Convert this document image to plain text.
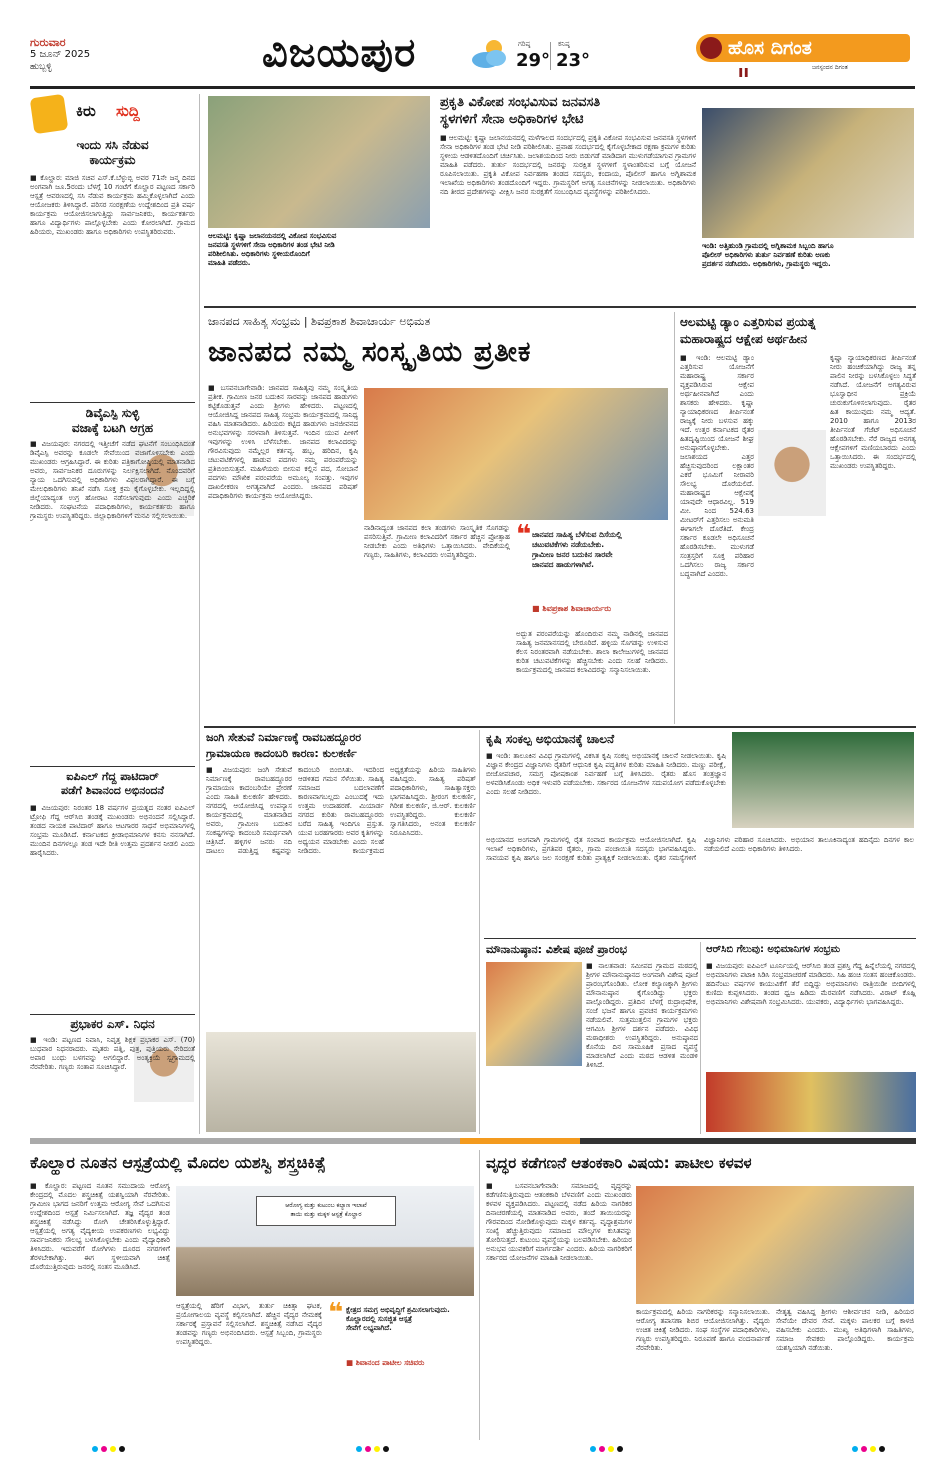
ಗುರುವಾರ
5 ಜೂನ್ 2025
ಹುಬ್ಬಳ್ಳಿ	ವಿಜಯಪುರ	ಗರಿಷ್ಠ
29°
ಕನಿಷ್ಠ
23°
ಹೊಸ ದಿಗಂತ
ಜನಸ್ಪಂದನ ದಿಗಂತ
ıı
ಕಿರು ಸುದ್ದಿ
ಇಂದು ಸಸಿ ನೆಡುವ
ಕಾರ್ಯಕ್ರಮ
■ ಕೊಲ್ಹಾರ: ಮಾಜಿ ಸಚಿವ ಎಸ್.ಕೆ.ಬೆಳ್ಳುಬ್ಬಿ ಅವರ 71ನೇ ಜನ್ಮ ದಿನದ ಅಂಗವಾಗಿ ಜೂ.5ರಂದು ಬೆಳಗ್ಗೆ 10 ಗಂಟೆಗೆ ಕೊಲ್ಹಾರ ಪಟ್ಟಣದ ಸರ್ಕಾರಿ ಆಸ್ಪತ್ರೆ ಆವರಣದಲ್ಲಿ ಸಸಿ ನೆಡುವ ಕಾರ್ಯಕ್ರಮ ಹಮ್ಮಿಕೊಳ್ಳಲಾಗಿದೆ ಎಂದು ಆಯೋಜಕರು ತಿಳಿಸಿದ್ದಾರೆ. ಪರಿಸರ ಸಂರಕ್ಷಣೆಯ ಉದ್ದೇಶದಿಂದ ಪ್ರತಿ ವರ್ಷ ಕಾರ್ಯಕ್ರಮ ಆಯೋಜಿಸಲಾಗುತ್ತಿದ್ದು ಸಾರ್ವಜನಿಕರು, ಕಾರ್ಯಕರ್ತರು ಹಾಗೂ ವಿದ್ಯಾರ್ಥಿಗಳು ಪಾಲ್ಗೊಳ್ಳಬೇಕು ಎಂದು ಕೋರಲಾಗಿದೆ. ಗ್ರಾಮದ ಹಿರಿಯರು, ಮುಖಂಡರು ಹಾಗೂ ಅಧಿಕಾರಿಗಳು ಉಪಸ್ಥಿತರಿರುವರು.
ಡಿವೈಎಸ್ಪಿ ಸುಳ್ಳಿ
ವಜಾಕ್ಕೆ ಬಟಗಿ ಆಗ್ರಹ
■ ವಿಜಯಪುರ: ನಗರದಲ್ಲಿ ಇತ್ತೀಚೆಗೆ ನಡೆದ ಘಟನೆಗೆ ಸಂಬಂಧಿಸಿದಂತೆ ಡಿವೈಎಸ್ಪಿ ಅವರನ್ನು ಕೂಡಲೇ ಸೇವೆಯಿಂದ ವಜಾಗೊಳಿಸಬೇಕು ಎಂದು ಮುಖಂಡರು ಆಗ್ರಹಿಸಿದ್ದಾರೆ. ಈ ಕುರಿತು ಪತ್ರಿಕಾಗೋಷ್ಠಿಯಲ್ಲಿ ಮಾತನಾಡಿದ ಅವರು, ಸಾರ್ವಜನಿಕರ ದೂರುಗಳನ್ನು ನಿರ್ಲಕ್ಷಿಸಲಾಗಿದೆ. ನೊಂದವರಿಗೆ ನ್ಯಾಯ ಒದಗಿಸುವಲ್ಲಿ ಅಧಿಕಾರಿಗಳು ವಿಫಲರಾಗಿದ್ದಾರೆ. ಈ ಬಗ್ಗೆ ಮೇಲಧಿಕಾರಿಗಳು ತನಿಖೆ ನಡೆಸಿ ಸೂಕ್ತ ಕ್ರಮ ಕೈಗೊಳ್ಳಬೇಕು. ಇಲ್ಲದಿದ್ದಲ್ಲಿ ಜಿಲ್ಲೆಯಾದ್ಯಂತ ಉಗ್ರ ಹೋರಾಟ ನಡೆಸಲಾಗುವುದು ಎಂದು ಎಚ್ಚರಿಕೆ ನೀಡಿದರು. ಸಂಘಟನೆಯ ಪದಾಧಿಕಾರಿಗಳು, ಕಾರ್ಯಕರ್ತರು ಹಾಗೂ ಗ್ರಾಮಸ್ಥರು ಉಪಸ್ಥಿತರಿದ್ದರು. ಜಿಲ್ಲಾಧಿಕಾರಿಗಳಿಗೆ ಮನವಿ ಸಲ್ಲಿಸಲಾಯಿತು.
ಐಪಿಎಲ್ ಗೆದ್ದ ಪಾಟಿದಾರ್
ಪಡೆಗೆ ಶಿವಾನಂದ ಅಭಿನಂದನೆ
■ ವಿಜಯಪುರ: ನಿರಂತರ 18 ವರ್ಷಗಳ ಪ್ರಯತ್ನದ ನಂತರ ಐಪಿಎಲ್ ಟ್ರೋಫಿ ಗೆದ್ದ ಆರ್‌ಸಿಬಿ ತಂಡಕ್ಕೆ ಮುಖಂಡರು ಅಭಿನಂದನೆ ಸಲ್ಲಿಸಿದ್ದಾರೆ. ತಂಡದ ನಾಯಕ ಪಾಟಿದಾರ್ ಹಾಗೂ ಆಟಗಾರರ ಸಾಧನೆ ಅಭಿಮಾನಿಗಳಲ್ಲಿ ಸಂಭ್ರಮ ಮೂಡಿಸಿದೆ. ಕರ್ನಾಟಕದ ಕ್ರೀಡಾಭಿಮಾನಿಗಳ ಕನಸು ನನಸಾಗಿದೆ. ಮುಂದಿನ ದಿನಗಳಲ್ಲೂ ತಂಡ ಇದೇ ರೀತಿ ಉತ್ತಮ ಪ್ರದರ್ಶನ ನೀಡಲಿ ಎಂದು ಹಾರೈಸಿದರು.
ಪ್ರಭಾಕರ ಎಸ್. ನಿಧನ
■ ಇಂಡಿ: ಪಟ್ಟಣದ ನಿವಾಸಿ, ನಿವೃತ್ತ ಶಿಕ್ಷಕ ಪ್ರಭಾಕರ ಎಸ್. (70) ಬುಧವಾರ ನಿಧನರಾದರು. ಮೃತರು ಪತ್ನಿ, ಪುತ್ರ, ಪುತ್ರಿಯರು ಸೇರಿದಂತೆ ಅಪಾರ ಬಂಧು ಬಳಗವನ್ನು ಅಗಲಿದ್ದಾರೆ. ಅಂತ್ಯಕ್ರಿಯೆ ಸ್ವಗ್ರಾಮದಲ್ಲಿ ನೆರವೇರಿತು. ಗಣ್ಯರು ಸಂತಾಪ ಸೂಚಿಸಿದ್ದಾರೆ.
ಆಲಮಟ್ಟಿ: ಕೃಷ್ಣಾ ಜಲಾನಯನದಲ್ಲಿ ವಿಕೋಪ ಸಂಭವಿಸುವ
ಜನವಸತಿ ಸ್ಥಳಗಳಿಗೆ ಸೇನಾ ಅಧಿಕಾರಿಗಳ ತಂಡ ಭೇಟಿ ನೀಡಿ
ಪರಿಶೀಲಿಸಿತು. ಅಧಿಕಾರಿಗಳು ಸ್ಥಳೀಯರೊಂದಿಗೆ
ಮಾಹಿತಿ ಪಡೆದರು.
ಪ್ರಕೃತಿ ವಿಕೋಪ ಸಂಭವಿಸುವ ಜನವಸತಿ
ಸ್ಥಳಗಳಿಗೆ ಸೇನಾ ಅಧಿಕಾರಿಗಳ ಭೇಟಿ
■ ಆಲಮಟ್ಟಿ: ಕೃಷ್ಣಾ ಜಲಾನಯನದಲ್ಲಿ ಮಳೆಗಾಲದ ಸಂದರ್ಭದಲ್ಲಿ ಪ್ರಕೃತಿ ವಿಕೋಪ ಸಂಭವಿಸುವ ಜನವಸತಿ ಸ್ಥಳಗಳಿಗೆ ಸೇನಾ ಅಧಿಕಾರಿಗಳ ತಂಡ ಭೇಟಿ ನೀಡಿ ಪರಿಶೀಲಿಸಿತು. ಪ್ರವಾಹ ಸಂದರ್ಭದಲ್ಲಿ ಕೈಗೊಳ್ಳಬೇಕಾದ ರಕ್ಷಣಾ ಕ್ರಮಗಳ ಕುರಿತು ಸ್ಥಳೀಯ ಆಡಳಿತದೊಂದಿಗೆ ಚರ್ಚಿಸಿತು. ಜಲಾಶಯದಿಂದ ನೀರು ಬಿಡುಗಡೆ ಮಾಡಿದಾಗ ಮುಳುಗಡೆಯಾಗುವ ಗ್ರಾಮಗಳ ಮಾಹಿತಿ ಪಡೆದರು. ತುರ್ತು ಸಂದರ್ಭದಲ್ಲಿ ಜನರನ್ನು ಸುರಕ್ಷಿತ ಸ್ಥಳಗಳಿಗೆ ಸ್ಥಳಾಂತರಿಸುವ ಬಗ್ಗೆ ಯೋಜನೆ ರೂಪಿಸಲಾಯಿತು. ಪ್ರಕೃತಿ ವಿಕೋಪ ನಿರ್ವಹಣಾ ತಂಡದ ಸದಸ್ಯರು, ಕಂದಾಯ, ಪೊಲೀಸ್ ಹಾಗೂ ಅಗ್ನಿಶಾಮಕ ಇಲಾಖೆಯ ಅಧಿಕಾರಿಗಳು ತಂಡದೊಂದಿಗೆ ಇದ್ದರು. ಗ್ರಾಮಸ್ಥರಿಗೆ ಅಗತ್ಯ ಸೂಚನೆಗಳನ್ನು ನೀಡಲಾಯಿತು. ಅಧಿಕಾರಿಗಳು ನದಿ ತೀರದ ಪ್ರದೇಶಗಳನ್ನು ವೀಕ್ಷಿಸಿ ಜನರ ಸುರಕ್ಷತೆಗೆ ಸಂಬಂಧಿಸಿದ ವ್ಯವಸ್ಥೆಗಳನ್ನು ಪರಿಶೀಲಿಸಿದರು.
ಇಂಡಿ: ಅತ್ತಿಹುಂಡಿ ಗ್ರಾಮದಲ್ಲಿ ಅಗ್ನಿಶಾಮಕ ಸಿಬ್ಬಂದಿ ಹಾಗೂ
ಪೊಲೀಸ್ ಅಧಿಕಾರಿಗಳು ತುರ್ತು ನಿರ್ವಹಣೆ ಕುರಿತು ಅಣಕು
ಪ್ರದರ್ಶನ ನಡೆಸಿದರು. ಅಧಿಕಾರಿಗಳು, ಗ್ರಾಮಸ್ಥರು ಇದ್ದರು.
ಜಾನಪದ ಸಾಹಿತ್ಯ ಸಂಭ್ರಮ | ಶಿವಪ್ರಕಾಶ ಶಿವಾಚಾರ್ಯ ಅಭಿಮತ
ಜಾನಪದ ನಮ್ಮ ಸಂಸ್ಕೃತಿಯ ಪ್ರತೀಕ
■ ಬಸವನಬಾಗೇವಾಡಿ: ಜಾನಪದ ಸಾಹಿತ್ಯವು ನಮ್ಮ ಸಂಸ್ಕೃತಿಯ ಪ್ರತೀಕ. ಗ್ರಾಮೀಣ ಜನರ ಬದುಕಿನ ಸಾರವನ್ನು ಜಾನಪದ ಹಾಡುಗಳು ಕಟ್ಟಿಕೊಡುತ್ತವೆ ಎಂದು ಶ್ರೀಗಳು ಹೇಳಿದರು. ಪಟ್ಟಣದಲ್ಲಿ ಆಯೋಜಿಸಿದ್ದ ಜಾನಪದ ಸಾಹಿತ್ಯ ಸಂಭ್ರಮ ಕಾರ್ಯಕ್ರಮದಲ್ಲಿ ಸಾನಿಧ್ಯ ವಹಿಸಿ ಮಾತನಾಡಿದರು. ಹಿರಿಯರು ಕಟ್ಟಿದ ಹಾಡುಗಳು ಜನಜೀವನದ ಅನುಭವಗಳನ್ನು ಸರಳವಾಗಿ ತಿಳಿಸುತ್ತವೆ. ಇಂದಿನ ಯುವ ಪೀಳಿಗೆ ಇವುಗಳನ್ನು ಉಳಿಸಿ ಬೆಳೆಸಬೇಕು. ಜಾನಪದ ಕಲಾವಿದರನ್ನು ಗೌರವಿಸುವುದು ನಮ್ಮೆಲ್ಲರ ಕರ್ತವ್ಯ. ಹಬ್ಬ, ಹರಿದಿನ, ಕೃಷಿ ಚಟುವಟಿಕೆಗಳಲ್ಲಿ ಹಾಡುವ ಪದಗಳು ನಮ್ಮ ಪರಂಪರೆಯನ್ನು ಪ್ರತಿಬಿಂಬಿಸುತ್ತವೆ. ಮಹಿಳೆಯರು ಬೀಸುವ ಕಲ್ಲಿನ ಪದ, ಸೋಬಾನೆ ಪದಗಳು ಮೌಖಿಕ ಪರಂಪರೆಯ ಅಮೂಲ್ಯ ಸಂಪತ್ತು. ಇವುಗಳ ದಾಖಲೀಕರಣ ಅಗತ್ಯವಾಗಿದೆ ಎಂದರು. ಜಾನಪದ ಪರಿಷತ್ ಪದಾಧಿಕಾರಿಗಳು ಕಾರ್ಯಕ್ರಮ ಆಯೋಜಿಸಿದ್ದರು.
ನಾಡಿನಾದ್ಯಂತ ಜಾನಪದ ಕಲಾ ತಂಡಗಳು ಸಾಂಸ್ಕೃತಿಕ ಸೊಗಡನ್ನು ಪಸರಿಸುತ್ತಿವೆ. ಗ್ರಾಮೀಣ ಕಲಾವಿದರಿಗೆ ಸರ್ಕಾರ ಹೆಚ್ಚಿನ ಪ್ರೋತ್ಸಾಹ ನೀಡಬೇಕು ಎಂದು ಅತಿಥಿಗಳು ಒತ್ತಾಯಿಸಿದರು. ವೇದಿಕೆಯಲ್ಲಿ ಗಣ್ಯರು, ಸಾಹಿತಿಗಳು, ಕಲಾವಿದರು ಉಪಸ್ಥಿತರಿದ್ದರು.
❝ ಜಾನಪದ ಸಾಹಿತ್ಯ ಬೆಳೆಸುವ ದಿಸೆಯಲ್ಲಿ
ಚಟುವಟಿಕೆಗಳು ನಡೆಯಬೇಕು.
ಗ್ರಾಮೀಣ ಜನರ ಬದುಕಿನ ಸಾರವೇ
ಜಾನಪದ ಹಾಡುಗಳಾಗಿವೆ.
■ ಶಿವಪ್ರಕಾಶ ಶಿವಾಚಾರ್ಯರು
ಅದ್ಭುತ ಪರಂಪರೆಯನ್ನು ಹೊಂದಿರುವ ನಮ್ಮ ನಾಡಿನಲ್ಲಿ ಜಾನಪದ ಸಾಹಿತ್ಯ ಜನಮಾನಸದಲ್ಲಿ ಬೇರೂರಿದೆ. ಹಳ್ಳಿಯ ಸೊಗಡನ್ನು ಉಳಿಸುವ ಕೆಲಸ ನಿರಂತರವಾಗಿ ನಡೆಯಬೇಕು. ಶಾಲಾ ಕಾಲೇಜುಗಳಲ್ಲಿ ಜಾನಪದ ಕುರಿತ ಚಟುವಟಿಕೆಗಳನ್ನು ಹೆಚ್ಚಿಸಬೇಕು ಎಂದು ಸಲಹೆ ನೀಡಿದರು. ಕಾರ್ಯಕ್ರಮದಲ್ಲಿ ಜಾನಪದ ಕಲಾವಿದರನ್ನು ಸನ್ಮಾನಿಸಲಾಯಿತು.
ಆಲಮಟ್ಟಿ ಡ್ಯಾಂ ಎತ್ತರಿಸುವ ಪ್ರಯತ್ನ
ಮಹಾರಾಷ್ಟ್ರದ ಆಕ್ಷೇಪ ಅರ್ಥಹೀನ
■ ಇಂಡಿ: ಆಲಮಟ್ಟಿ ಡ್ಯಾಂ ಎತ್ತರಿಸುವ ಯೋಜನೆಗೆ ಮಹಾರಾಷ್ಟ್ರ ಸರ್ಕಾರ ವ್ಯಕ್ತಪಡಿಸಿರುವ ಆಕ್ಷೇಪ ಅರ್ಥಹೀನವಾಗಿದೆ ಎಂದು ಶಾಸಕರು ಹೇಳಿದರು. ಕೃಷ್ಣಾ ನ್ಯಾಯಾಧಿಕರಣದ ತೀರ್ಪಿನಂತೆ ರಾಜ್ಯಕ್ಕೆ ನೀರು ಬಳಸುವ ಹಕ್ಕು ಇದೆ. ಉತ್ತರ ಕರ್ನಾಟಕದ ರೈತರ ಹಿತದೃಷ್ಟಿಯಿಂದ ಯೋಜನೆ ಶೀಘ್ರ ಅನುಷ್ಠಾನಗೊಳ್ಳಬೇಕು. ಜಲಾಶಯದ ಎತ್ತರ ಹೆಚ್ಚಿಸುವುದರಿಂದ ಲಕ್ಷಾಂತರ ಎಕರೆ ಭೂಮಿಗೆ ನೀರಾವರಿ ಸೌಲಭ್ಯ ದೊರೆಯಲಿದೆ. ಮಹಾರಾಷ್ಟ್ರದ ಆಕ್ಷೇಪಕ್ಕೆ ಯಾವುದೇ ಆಧಾರವಿಲ್ಲ. 519 ಮೀ. ನಿಂದ 524.63 ಮೀಟರ್‌ಗೆ ಎತ್ತರಿಸಲು ಅನುಮತಿ ಈಗಾಗಲೇ ದೊರೆತಿದೆ. ಕೇಂದ್ರ ಸರ್ಕಾರ ಕೂಡಲೇ ಅಧಿಸೂಚನೆ ಹೊರಡಿಸಬೇಕು. ಮುಳುಗಡೆ ಸಂತ್ರಸ್ತರಿಗೆ ಸೂಕ್ತ ಪರಿಹಾರ ಒದಗಿಸಲು ರಾಜ್ಯ ಸರ್ಕಾರ ಬದ್ಧವಾಗಿದೆ ಎಂದರು.
ಕೃಷ್ಣಾ ನ್ಯಾಯಾಧಿಕರಣದ ತೀರ್ಪಿನಂತೆ ನೀರು ಹಂಚಿಕೆಯಾಗಿದ್ದು ರಾಜ್ಯ ತನ್ನ ಪಾಲಿನ ನೀರನ್ನು ಬಳಸಿಕೊಳ್ಳಲು ಸಿದ್ಧತೆ ನಡೆಸಿದೆ. ಯೋಜನೆಗೆ ಅಗತ್ಯವಿರುವ ಭೂಸ್ವಾಧೀನ ಪ್ರಕ್ರಿಯೆ ಚುರುಕುಗೊಳಿಸಲಾಗುವುದು. ರೈತರ ಹಿತ ಕಾಯುವುದು ನಮ್ಮ ಆದ್ಯತೆ. 2010 ಹಾಗೂ 2013ರ ತೀರ್ಪಿನಂತೆ ಗೆಜೆಟ್ ಅಧಿಸೂಚನೆ ಹೊರಡಿಸಬೇಕು. ನೆರೆ ರಾಜ್ಯದ ಅನಗತ್ಯ ಆಕ್ಷೇಪಗಳಿಗೆ ಮಣಿಯಬಾರದು ಎಂದು ಒತ್ತಾಯಿಸಿದರು. ಈ ಸಂದರ್ಭದಲ್ಲಿ ಮುಖಂಡರು ಉಪಸ್ಥಿತರಿದ್ದರು.
ಜಂಗಿ ಸೇತುವೆ ನಿರ್ಮಾಣಕ್ಕೆ ರಾವಬಹದ್ದೂರರ
ಗ್ರಾಮಾಯಣ ಕಾದಂಬರಿ ಕಾರಣ: ಕುಲಕರ್ಣಿ
■ ವಿಜಯಪುರ: ಜಂಗಿ ಸೇತುವೆ ನಿರ್ಮಾಣಕ್ಕೆ ರಾವಬಹದ್ದೂರರ ಗ್ರಾಮಾಯಣ ಕಾದಂಬರಿಯೇ ಪ್ರೇರಣೆ ಎಂದು ಸಾಹಿತಿ ಕುಲಕರ್ಣಿ ಹೇಳಿದರು. ನಗರದಲ್ಲಿ ಆಯೋಜಿಸಿದ್ದ ಉಪನ್ಯಾಸ ಕಾರ್ಯಕ್ರಮದಲ್ಲಿ ಮಾತನಾಡಿದ ಅವರು, ಗ್ರಾಮೀಣ ಬದುಕಿನ ಸಂಕಷ್ಟಗಳನ್ನು ಕಾದಂಬರಿ ಸಮರ್ಥವಾಗಿ ಚಿತ್ರಿಸಿದೆ. ಹಳ್ಳಿಗಳ ಜನರು ನದಿ ದಾಟಲು ಪಡುತ್ತಿದ್ದ ಕಷ್ಟವನ್ನು ಕಾದಂಬರಿ ಬಿಂಬಿಸಿತು. ಇದರಿಂದ ಆಡಳಿತದ ಗಮನ ಸೆಳೆಯಿತು. ಸಾಹಿತ್ಯ ಸಮಾಜದ ಬದಲಾವಣೆಗೆ ಕಾರಣವಾಗಬಲ್ಲದು ಎಂಬುದಕ್ಕೆ ಇದು ಉತ್ತಮ ಉದಾಹರಣೆ. ಮಿಯಾರ್ಡ ನಗರದ ಕುರಿತು ರಾವಬಹದ್ದೂರರು ಬರೆದ ಸಾಹಿತ್ಯ ಇಂದಿಗೂ ಪ್ರಸ್ತುತ. ಯುವ ಬರಹಗಾರರು ಅವರ ಕೃತಿಗಳನ್ನು ಅಧ್ಯಯನ ಮಾಡಬೇಕು ಎಂದು ಸಲಹೆ ನೀಡಿದರು. ಕಾರ್ಯಕ್ರಮದ ಅಧ್ಯಕ್ಷತೆಯನ್ನು ಹಿರಿಯ ಸಾಹಿತಿಗಳು ವಹಿಸಿದ್ದರು. ಸಾಹಿತ್ಯ ಪರಿಷತ್ ಪದಾಧಿಕಾರಿಗಳು, ಸಾಹಿತ್ಯಾಸಕ್ತರು ಭಾಗವಹಿಸಿದ್ದರು. ಶ್ರೀರಂಗ ಕುಲಕರ್ಣಿ, ಗಿರೀಶ ಕುಲಕರ್ಣಿ, ಜಿ.ಆರ್. ಕುಲಕರ್ಣಿ ಉಪಸ್ಥಿತರಿದ್ದರು. ಕುಲಕರ್ಣಿ ಸ್ವಾಗತಿಸಿದರು, ಅನಂತ ಕುಲಕರ್ಣಿ ನಿರೂಪಿಸಿದರು.
ಕೃಷಿ ಸಂಕಲ್ಪ ಅಭಿಯಾನಕ್ಕೆ ಚಾಲನೆ
■ ಇಂಡಿ: ತಾಲೂಕಿನ ವಿವಿಧ ಗ್ರಾಮಗಳಲ್ಲಿ ವಿಕಸಿತ ಕೃಷಿ ಸಂಕಲ್ಪ ಅಭಿಯಾನಕ್ಕೆ ಚಾಲನೆ ನೀಡಲಾಯಿತು. ಕೃಷಿ ವಿಜ್ಞಾನ ಕೇಂದ್ರದ ವಿಜ್ಞಾನಿಗಳು ರೈತರಿಗೆ ಆಧುನಿಕ ಕೃಷಿ ಪದ್ಧತಿಗಳ ಕುರಿತು ಮಾಹಿತಿ ನೀಡಿದರು. ಮಣ್ಣು ಪರೀಕ್ಷೆ, ಬೀಜೋಪಚಾರ, ಸಮಗ್ರ ಪೋಷಕಾಂಶ ನಿರ್ವಹಣೆ ಬಗ್ಗೆ ತಿಳಿಸಿದರು. ರೈತರು ಹೊಸ ತಂತ್ರಜ್ಞಾನ ಅಳವಡಿಸಿಕೊಂಡು ಅಧಿಕ ಇಳುವರಿ ಪಡೆಯಬೇಕು. ಸರ್ಕಾರದ ಯೋಜನೆಗಳ ಸದುಪಯೋಗ ಪಡೆದುಕೊಳ್ಳಬೇಕು ಎಂದು ಸಲಹೆ ನೀಡಿದರು.
ಅಭಿಯಾನದ ಅಂಗವಾಗಿ ಗ್ರಾಮಗಳಲ್ಲಿ ರೈತ ಸಂವಾದ ಕಾರ್ಯಕ್ರಮ ಆಯೋಜಿಸಲಾಗಿದೆ. ಕೃಷಿ ಇಲಾಖೆ ಅಧಿಕಾರಿಗಳು, ಪ್ರಗತಿಪರ ರೈತರು, ಗ್ರಾಮ ಪಂಚಾಯಿತಿ ಸದಸ್ಯರು ಭಾಗವಹಿಸಿದ್ದರು. ಸಾವಯವ ಕೃಷಿ ಹಾಗೂ ಜಲ ಸಂರಕ್ಷಣೆ ಕುರಿತು ಪ್ರಾತ್ಯಕ್ಷಿಕೆ ನೀಡಲಾಯಿತು. ರೈತರ ಸಮಸ್ಯೆಗಳಿಗೆ ವಿಜ್ಞಾನಿಗಳು ಪರಿಹಾರ ಸೂಚಿಸಿದರು. ಅಭಿಯಾನ ತಾಲೂಕಿನಾದ್ಯಂತ ಹದಿನೈದು ದಿನಗಳ ಕಾಲ ನಡೆಯಲಿದೆ ಎಂದು ಅಧಿಕಾರಿಗಳು ತಿಳಿಸಿದರು.
ಮೌನಾನುಷ್ಠಾನ: ವಿಶೇಷ ಪೂಜೆ ಪ್ರಾರಂಭ
■ ನಾಲತವಾಡ: ಸಮೀಪದ ಗ್ರಾಮದ ಮಠದಲ್ಲಿ ಶ್ರೀಗಳ ಮೌನಾನುಷ್ಠಾನದ ಅಂಗವಾಗಿ ವಿಶೇಷ ಪೂಜೆ ಪ್ರಾರಂಭಗೊಂಡಿತು. ಲೋಕ ಕಲ್ಯಾಣಕ್ಕಾಗಿ ಶ್ರೀಗಳು ಮೌನಾನುಷ್ಠಾನ ಕೈಗೊಂಡಿದ್ದು ಭಕ್ತರು ಪಾಲ್ಗೊಂಡಿದ್ದರು. ಪ್ರತಿದಿನ ಬೆಳಗ್ಗೆ ರುದ್ರಾಭಿಷೇಕ, ಸಂಜೆ ಭಜನೆ ಹಾಗೂ ಪ್ರವಚನ ಕಾರ್ಯಕ್ರಮಗಳು ನಡೆಯಲಿವೆ. ಸುತ್ತಮುತ್ತಲಿನ ಗ್ರಾಮಗಳ ಭಕ್ತರು ಆಗಮಿಸಿ ಶ್ರೀಗಳ ದರ್ಶನ ಪಡೆದರು. ವಿವಿಧ ಮಠಾಧೀಶರು ಉಪಸ್ಥಿತರಿದ್ದರು. ಅನುಷ್ಠಾನದ ಕೊನೆಯ ದಿನ ಸಾಮೂಹಿಕ ಪ್ರಸಾದ ವ್ಯವಸ್ಥೆ ಮಾಡಲಾಗಿದೆ ಎಂದು ಮಠದ ಆಡಳಿತ ಮಂಡಳಿ ತಿಳಿಸಿದೆ.
ಆರ್‌ಸಿಬಿ ಗೆಲುವು: ಅಭಿಮಾನಿಗಳ ಸಂಭ್ರಮ
■ ವಿಜಯಪುರ: ಐಪಿಎಲ್ ಟೂರ್ನಿಯಲ್ಲಿ ಆರ್‌ಸಿಬಿ ತಂಡ ಪ್ರಶಸ್ತಿ ಗೆದ್ದ ಹಿನ್ನೆಲೆಯಲ್ಲಿ ನಗರದಲ್ಲಿ ಅಭಿಮಾನಿಗಳು ಪಟಾಕಿ ಸಿಡಿಸಿ ಸಂಭ್ರಮಾಚರಣೆ ಮಾಡಿದರು. ಸಿಹಿ ಹಂಚಿ ಸಂತಸ ಹಂಚಿಕೊಂಡರು. ಹದಿನೆಂಟು ವರ್ಷಗಳ ಕಾಯುವಿಕೆಗೆ ತೆರೆ ಬಿದ್ದಿದ್ದು ಅಭಿಮಾನಿಗಳು ರಾತ್ರಿಯಿಡೀ ಬೀದಿಗಳಲ್ಲಿ ಕುಣಿದು ಕುಪ್ಪಳಿಸಿದರು. ತಂಡದ ಧ್ವಜ ಹಿಡಿದು ಮೆರವಣಿಗೆ ನಡೆಸಿದರು. ವಿರಾಟ್ ಕೊಹ್ಲಿ ಅಭಿಮಾನಿಗಳು ವಿಶೇಷವಾಗಿ ಸಂಭ್ರಮಿಸಿದರು. ಯುವಕರು, ವಿದ್ಯಾರ್ಥಿಗಳು ಭಾಗವಹಿಸಿದ್ದರು.
ಕೊಲ್ಹಾರ ನೂತನ ಆಸ್ಪತ್ರೆಯಲ್ಲಿ ಮೊದಲ ಯಶಸ್ವಿ ಶಸ್ತ್ರಚಿಕಿತ್ಸೆ
■ ಕೊಲ್ಹಾರ: ಪಟ್ಟಣದ ನೂತನ ಸಮುದಾಯ ಆರೋಗ್ಯ ಕೇಂದ್ರದಲ್ಲಿ ಮೊದಲ ಶಸ್ತ್ರಚಿಕಿತ್ಸೆ ಯಶಸ್ವಿಯಾಗಿ ನೆರವೇರಿತು. ಗ್ರಾಮೀಣ ಭಾಗದ ಜನರಿಗೆ ಉತ್ತಮ ಆರೋಗ್ಯ ಸೇವೆ ಒದಗಿಸುವ ಉದ್ದೇಶದಿಂದ ಆಸ್ಪತ್ರೆ ನಿರ್ಮಿಸಲಾಗಿದೆ. ತಜ್ಞ ವೈದ್ಯರ ತಂಡ ಶಸ್ತ್ರಚಿಕಿತ್ಸೆ ನಡೆಸಿದ್ದು ರೋಗಿ ಚೇತರಿಸಿಕೊಳ್ಳುತ್ತಿದ್ದಾರೆ. ಆಸ್ಪತ್ರೆಯಲ್ಲಿ ಅಗತ್ಯ ವೈದ್ಯಕೀಯ ಉಪಕರಣಗಳು ಲಭ್ಯವಿದ್ದು ಸಾರ್ವಜನಿಕರು ಸೌಲಭ್ಯ ಬಳಸಿಕೊಳ್ಳಬೇಕು ಎಂದು ವೈದ್ಯಾಧಿಕಾರಿ ತಿಳಿಸಿದರು. ಇದುವರೆಗೆ ರೋಗಿಗಳು ದೂರದ ನಗರಗಳಿಗೆ ತೆರಳಬೇಕಾಗಿತ್ತು. ಈಗ ಸ್ಥಳೀಯವಾಗಿ ಚಿಕಿತ್ಸೆ ದೊರೆಯುತ್ತಿರುವುದು ಜನರಲ್ಲಿ ಸಂತಸ ಮೂಡಿಸಿದೆ.
ಆರೋಗ್ಯ ಮತ್ತು ಕುಟುಂಬ ಕಲ್ಯಾಣ ಇಲಾಖೆ
ತಾಯಿ ಮತ್ತು ಮಕ್ಕಳ ಆಸ್ಪತ್ರೆ ಕೊಲ್ಹಾರ
ಆಸ್ಪತ್ರೆಯಲ್ಲಿ ಹೆರಿಗೆ ವಿಭಾಗ, ತುರ್ತು ಚಿಕಿತ್ಸಾ ಘಟಕ, ಪ್ರಯೋಗಾಲಯ ವ್ಯವಸ್ಥೆ ಕಲ್ಪಿಸಲಾಗಿದೆ. ಹೆಚ್ಚಿನ ವೈದ್ಯರ ನೇಮಕಕ್ಕೆ ಸರ್ಕಾರಕ್ಕೆ ಪ್ರಸ್ತಾವನೆ ಸಲ್ಲಿಸಲಾಗಿದೆ. ಶಸ್ತ್ರಚಿಕಿತ್ಸೆ ನಡೆಸಿದ ವೈದ್ಯರ ತಂಡವನ್ನು ಗಣ್ಯರು ಅಭಿನಂದಿಸಿದರು. ಆಸ್ಪತ್ರೆ ಸಿಬ್ಬಂದಿ, ಗ್ರಾಮಸ್ಥರು ಉಪಸ್ಥಿತರಿದ್ದರು.
❝ ಕ್ಷೇತ್ರದ ಸಮಗ್ರ ಅಭಿವೃದ್ಧಿಗೆ ಶ್ರಮಿಸಲಾಗುವುದು.
ಕೊಲ್ಹಾರದಲ್ಲಿ ಸುಸಜ್ಜಿತ ಆಸ್ಪತ್ರೆ
ಸೇವೆಗೆ ಲಭ್ಯವಾಗಿದೆ.
■ ಶಿವಾನಂದ ಪಾಟೀಲ ಸಚಿವರು
ವೃದ್ಧರ ಕಡೆಗಣನೆ ಆತಂಕಕಾರಿ ವಿಷಯ: ಪಾಟೀಲ ಕಳವಳ
■ ಬಸವನಬಾಗೇವಾಡಿ: ಸಮಾಜದಲ್ಲಿ ವೃದ್ಧರನ್ನು ಕಡೆಗಣಿಸುತ್ತಿರುವುದು ಆತಂಕಕಾರಿ ಬೆಳವಣಿಗೆ ಎಂದು ಮುಖಂಡರು ಕಳವಳ ವ್ಯಕ್ತಪಡಿಸಿದರು. ಪಟ್ಟಣದಲ್ಲಿ ನಡೆದ ಹಿರಿಯ ನಾಗರಿಕರ ದಿನಾಚರಣೆಯಲ್ಲಿ ಮಾತನಾಡಿದ ಅವರು, ತಂದೆ ತಾಯಿಯರನ್ನು ಗೌರವದಿಂದ ನೋಡಿಕೊಳ್ಳುವುದು ಮಕ್ಕಳ ಕರ್ತವ್ಯ. ವೃದ್ಧಾಶ್ರಮಗಳ ಸಂಖ್ಯೆ ಹೆಚ್ಚುತ್ತಿರುವುದು ಸಮಾಜದ ಮೌಲ್ಯಗಳ ಕುಸಿತವನ್ನು ತೋರಿಸುತ್ತದೆ. ಕುಟುಂಬ ವ್ಯವಸ್ಥೆಯನ್ನು ಬಲಪಡಿಸಬೇಕು. ಹಿರಿಯರ ಅನುಭವ ಯುವಕರಿಗೆ ಮಾರ್ಗದರ್ಶಿ ಎಂದರು. ಹಿರಿಯ ನಾಗರಿಕರಿಗೆ ಸರ್ಕಾರದ ಯೋಜನೆಗಳ ಮಾಹಿತಿ ನೀಡಲಾಯಿತು.
ಕಾರ್ಯಕ್ರಮದಲ್ಲಿ ಹಿರಿಯ ನಾಗರಿಕರನ್ನು ಸನ್ಮಾನಿಸಲಾಯಿತು. ಆರೋಗ್ಯ ತಪಾಸಣಾ ಶಿಬಿರ ಆಯೋಜಿಸಲಾಗಿತ್ತು. ವೈದ್ಯರು ಉಚಿತ ಚಿಕಿತ್ಸೆ ನೀಡಿದರು. ಸಂಘ ಸಂಸ್ಥೆಗಳ ಪದಾಧಿಕಾರಿಗಳು, ಗಣ್ಯರು ಉಪಸ್ಥಿತರಿದ್ದರು. ನಿರೂಪಣೆ ಹಾಗೂ ವಂದನಾರ್ಪಣೆ ನೆರವೇರಿತು.
ನೇತೃತ್ವ ವಹಿಸಿದ್ದ ಶ್ರೀಗಳು ಆಶೀರ್ವಚನ ನೀಡಿ, ಹಿರಿಯರ ಸೇವೆಯೇ ದೇವರ ಸೇವೆ. ಮಕ್ಕಳು ಪಾಲಕರ ಬಗ್ಗೆ ಕಾಳಜಿ ವಹಿಸಬೇಕು ಎಂದರು. ಮುಖ್ಯ ಅತಿಥಿಗಳಾಗಿ ಸಾಹಿತಿಗಳು, ಸಮಾಜ ಸೇವಕರು ಪಾಲ್ಗೊಂಡಿದ್ದರು. ಕಾರ್ಯಕ್ರಮ ಯಶಸ್ವಿಯಾಗಿ ನಡೆಯಿತು.
